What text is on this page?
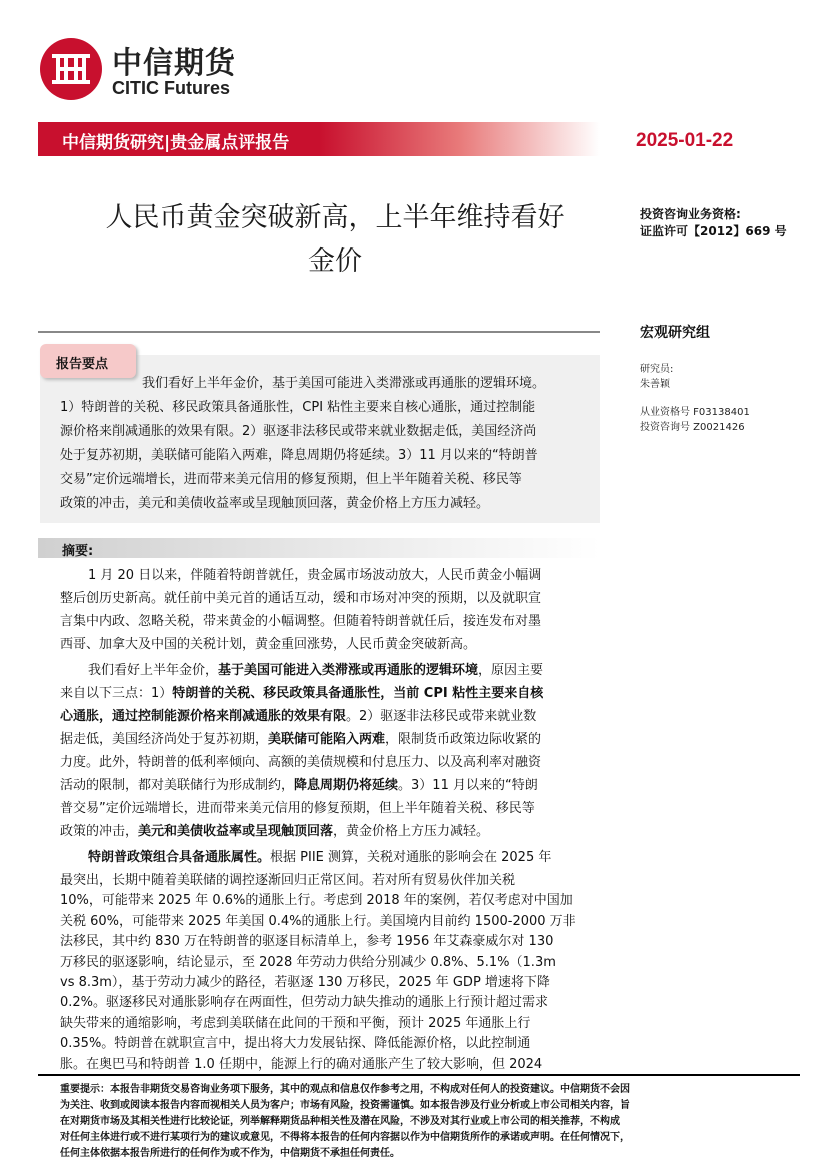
中信期货
CITIC Futures
中信期货研究|贵金属点评报告	2025-01-22
人民币黄金突破新高，上半年维持看好
金价
投资咨询业务资格:
证监许可【2012】669 号
宏观研究组
研究员:
朱善颖
从业资格号 F03138401
投资咨询号 Z0021426
报告要点
我们看好上半年金价，基于美国可能进入类滞涨或再通胀的逻辑环境。
1）特朗普的关税、移民政策具备通胀性，CPI 粘性主要来自核心通胀，通过控制能
源价格来削减通胀的效果有限。2）驱逐非法移民或带来就业数据走低，美国经济尚
处于复苏初期，美联储可能陷入两难，降息周期仍将延续。3）11 月以来的“特朗普
交易”定价远端增长，进而带来美元信用的修复预期，但上半年随着关税、移民等
政策的冲击，美元和美债收益率或呈现触顶回落，黄金价格上方压力减轻。
摘要:
1 月 20 日以来，伴随着特朗普就任，贵金属市场波动放大，人民币黄金小幅调
整后创历史新高。就任前中美元首的通话互动，缓和市场对冲突的预期，以及就职宣
言集中内政、忽略关税，带来黄金的小幅调整。但随着特朗普就任后，接连发布对墨
西哥、加拿大及中国的关税计划，黄金重回涨势，人民币黄金突破新高。
我们看好上半年金价，基于美国可能进入类滞涨或再通胀的逻辑环境，原因主要
来自以下三点：1）特朗普的关税、移民政策具备通胀性，当前 CPI 粘性主要来自核
心通胀，通过控制能源价格来削减通胀的效果有限。2）驱逐非法移民或带来就业数
据走低，美国经济尚处于复苏初期，美联储可能陷入两难，限制货币政策边际收紧的
力度。此外，特朗普的低利率倾向、高额的美债规模和付息压力、以及高利率对融资
活动的限制，都对美联储行为形成制约，降息周期仍将延续。3）11 月以来的“特朗
普交易”定价远端增长，进而带来美元信用的修复预期，但上半年随着关税、移民等
政策的冲击，美元和美债收益率或呈现触顶回落，黄金价格上方压力减轻。
特朗普政策组合具备通胀属性。根据 PIIE 测算，关税对通胀的影响会在 2025 年
最突出，长期中随着美联储的调控逐渐回归正常区间。若对所有贸易伙伴加关税
10%，可能带来 2025 年 0.6%的通胀上行。考虑到 2018 年的案例，若仅考虑对中国加
关税 60%，可能带来 2025 年美国 0.4%的通胀上行。美国境内目前约 1500-2000 万非
法移民，其中约 830 万在特朗普的驱逐目标清单上，参考 1956 年艾森豪威尔对 130
万移民的驱逐影响，结论显示，至 2028 年劳动力供给分别减少 0.8%、5.1%（1.3m
vs 8.3m），基于劳动力减少的路径，若驱逐 130 万移民，2025 年 GDP 增速将下降
0.2%。驱逐移民对通胀影响存在两面性，但劳动力缺失推动的通胀上行预计超过需求
缺失带来的通缩影响，考虑到美联储在此间的干预和平衡，预计 2025 年通胀上行
0.35%。特朗普在就职宣言中，提出将大力发展钻探、降低能源价格，以此控制通
胀。在奥巴马和特朗普 1.0 任期中，能源上行的确对通胀产生了较大影响，但 2024
重要提示：本报告非期货交易咨询业务项下服务，其中的观点和信息仅作参考之用，不构成对任何人的投资建议。中信期货不会因
为关注、收到或阅读本报告内容而视相关人员为客户；市场有风险，投资需谨慎。如本报告涉及行业分析或上市公司相关内容，旨
在对期货市场及其相关性进行比较论证，列举解释期货品种相关性及潜在风险，不涉及对其行业或上市公司的相关推荐，不构成
对任何主体进行或不进行某项行为的建议或意见，不得将本报告的任何内容据以作为中信期货所作的承诺或声明。在任何情况下，
任何主体依据本报告所进行的任何作为或不作为，中信期货不承担任何责任。
